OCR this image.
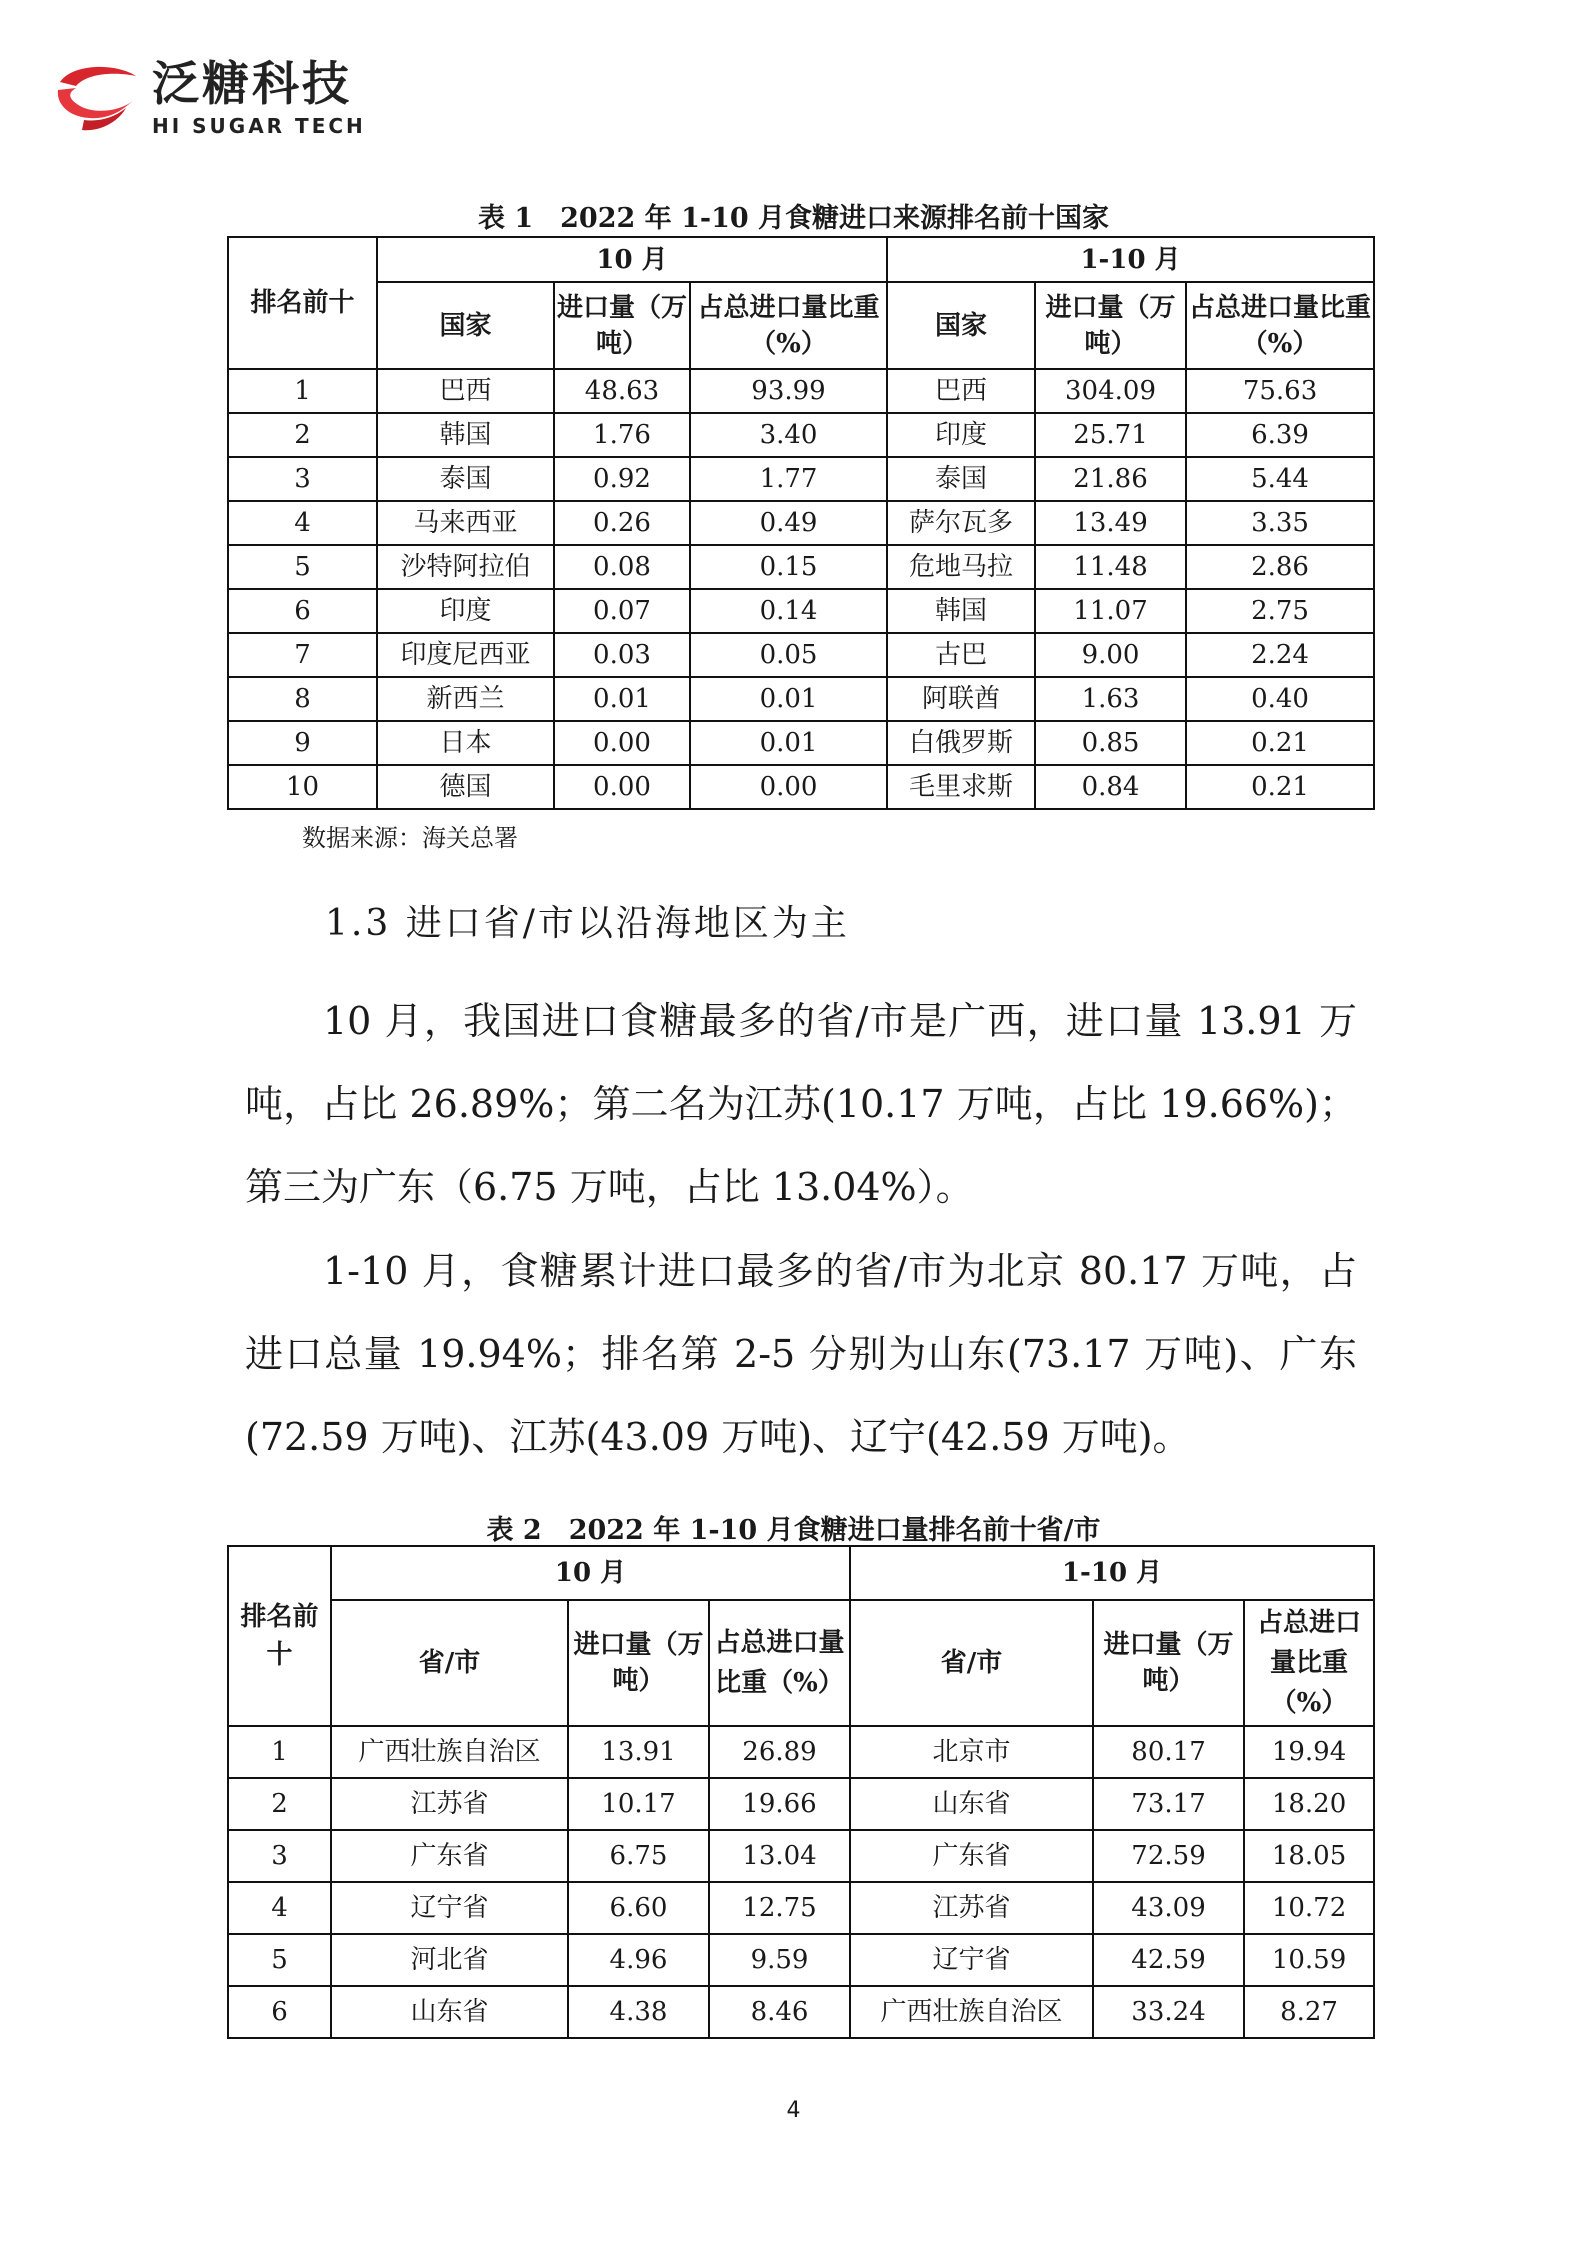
泛糖科技
HI SUGAR TECH
表 1　2022 年 1-10 月食糖进口来源排名前十国家
排名前十	10 月			1-10 月		
	国家	进口量（万吨）	占总进口量比重（%）	国家	进口量（万吨）	占总进口量比重（%）
1	巴西	48.63	93.99	巴西	304.09	75.63
2	韩国	1.76	3.40	印度	25.71	6.39
3	泰国	0.92	1.77	泰国	21.86	5.44
4	马来西亚	0.26	0.49	萨尔瓦多	13.49	3.35
5	沙特阿拉伯	0.08	0.15	危地马拉	11.48	2.86
6	印度	0.07	0.14	韩国	11.07	2.75
7	印度尼西亚	0.03	0.05	古巴	9.00	2.24
8	新西兰	0.01	0.01	阿联酋	1.63	0.40
9	日本	0.00	0.01	白俄罗斯	0.85	0.21
10	德国	0.00	0.00	毛里求斯	0.84	0.21
数据来源：海关总署
1.3 进口省/市以沿海地区为主
10 月，我国进口食糖最多的省/市是广西，进口量 13.91 万吨，占比 26.89%；第二名为江苏(10.17 万吨，占比 19.66%)；第三为广东（6.75 万吨，占比 13.04%）。
1-10 月，食糖累计进口最多的省/市为北京 80.17 万吨，占进口总量 19.94%；排名第 2-5 分别为山东(73.17 万吨)、广东(72.59 万吨)、江苏(43.09 万吨)、辽宁(42.59 万吨)。
表 2　2022 年 1-10 月食糖进口量排名前十省/市
排名前十	10 月			1-10 月		
	省/市	进口量（万吨）	占总进口量比重（%）	省/市	进口量（万吨）	占总进口量比重（%）
1	广西壮族自治区	13.91	26.89	北京市	80.17	19.94
2	江苏省	10.17	19.66	山东省	73.17	18.20
3	广东省	6.75	13.04	广东省	72.59	18.05
4	辽宁省	6.60	12.75	江苏省	43.09	10.72
5	河北省	4.96	9.59	辽宁省	42.59	10.59
6	山东省	4.38	8.46	广西壮族自治区	33.24	8.27
4
